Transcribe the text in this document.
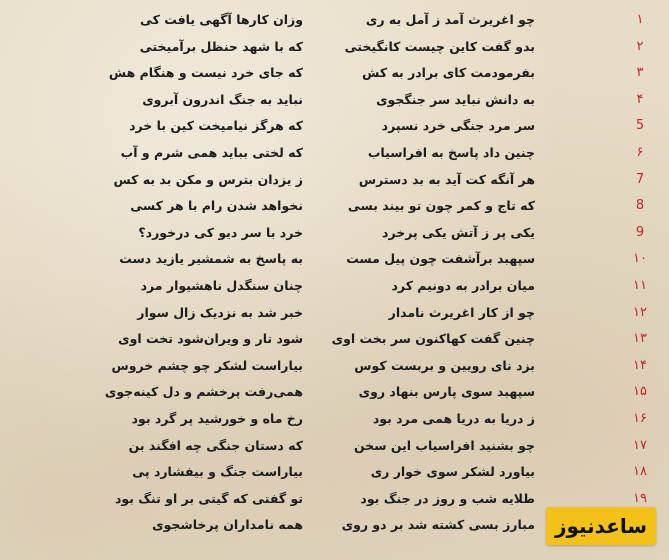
۱
چو اغریرث آمد ز آمل به ری
وزان کارها آگهی یافت کی
۲
بدو گفت کاین چیست کانگیختی
که با شهد حنظل برآمیختی
۳
بفرمودمت کای برادر به کش
که جای خرد نیست و هنگام هش
۴
به دانش نباید سر جنگجوی
نباید به جنگ اندرون آبروی
5
سر مرد جنگی خرد نسپرد
که هرگز نیامیخت کین با خرد
۶
چنین داد پاسخ به افراسیاب
که لختی بباید همی شرم و آب
7
هر آنگه کت آید به بد دسترس
ز یزدان بترس و مکن بد به کس
8
که تاج و کمر چون تو بیند بسی
نخواهد شدن رام با هر کسی
9
یکی پر ز آتش یکی پرخرد
خرد با سر دیو کی درخورد؟
۱۰
سپهبد برآشفت چون پیل مست
به پاسخ به شمشیر یازید دست
۱۱
میان برادر به دونیم کرد
چنان سنگدل ناهشیوار مرد
۱۲
چو از کار اغریرث نامدار
خبر شد به نزدیک زال سوار
۱۳
چنین گفت کهاکنون سر بخت اوی
شود تار و ویران‌شود تخت اوی
۱۴
بزد نای رویین و بربست کوس
بیاراست لشکر چو چشم خروس
۱۵
سپهبد سوی پارس بنهاد روی
همی‌رفت پرخشم و دل کینه‌جوی
۱۶
ز دریا به دریا همی مرد بود
رخ ماه و خورشید پر گرد بود
۱۷
چو بشنید افراسیاب این سخن
که دستان جنگی چه افگند بن
۱۸
بیاورد لشکر سوی خوار ری
بیاراست جنگ و بیفشارد پی
۱۹
طلایه شب و روز در جنگ بود
تو گفتی که گیتی بر او تنگ بود
مبارز بسی کشته شد بر دو روی
همه نامداران پرخاشجوی	ساعدنیوز
